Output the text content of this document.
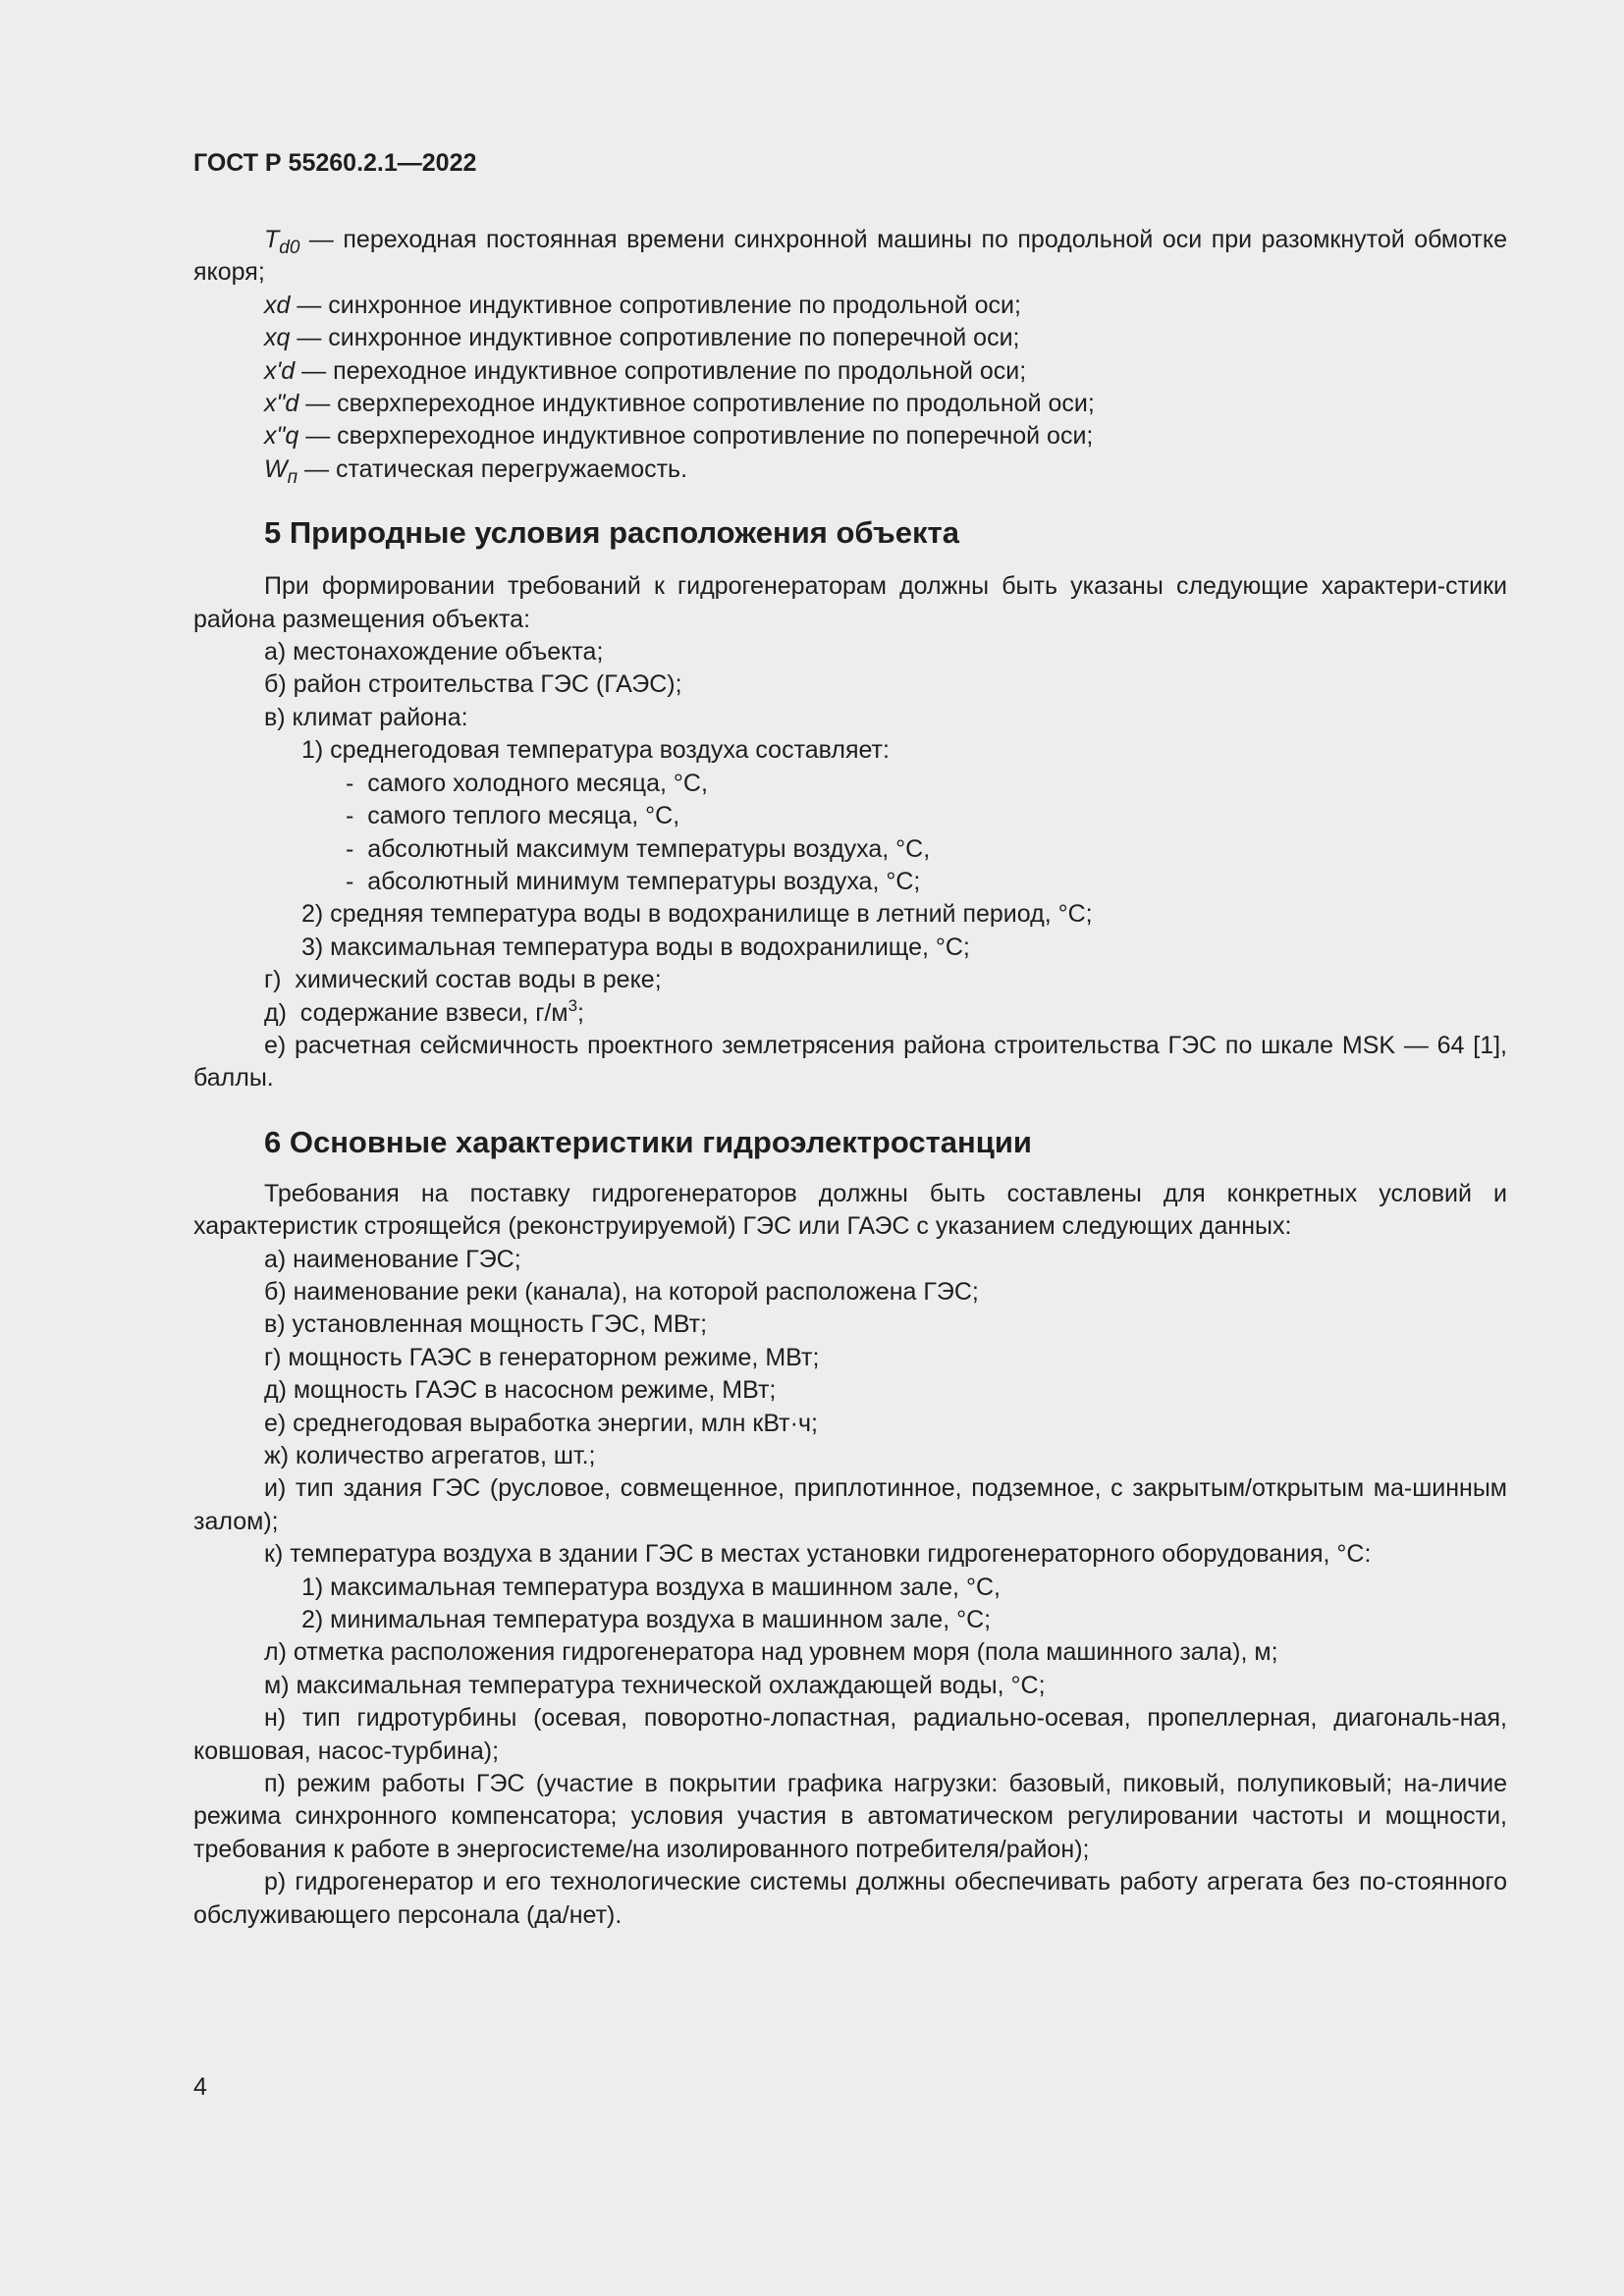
ГОСТ Р 55260.2.1—2022

$T_{d0}$ — переходная постоянная времени синхронной машины по продольной оси при разомкнутой обмотке якоря;

xd — синхронное индуктивное сопротивление по продольной оси;

xq — синхронное индуктивное сопротивление по поперечной оси;

x'd — переходное индуктивное сопротивление по продольной оси;

x"d — сверхпереходное индуктивное сопротивление по продольной оси;

x"q — сверхпереходное индуктивное сопротивление по поперечной оси;

$W_п$ — статическая перегружаемость.

5 Природные условия расположения объекта

При формировании требований к гидрогенераторам должны быть указаны следующие характери-стики района размещения объекта:

а) местонахождение объекта;

б) район строительства ГЭС (ГАЭС);

в) климат района:

1) среднегодовая температура воздуха составляет:

-  самого холодного месяца, °С,

-  самого теплого месяца, °С,

-  абсолютный максимум температуры воздуха, °С,

-  абсолютный минимум температуры воздуха, °С;

2) средняя температура воды в водохранилище в летний период, °С;

3) максимальная температура воды в водохранилище, °С;

г)  химический состав воды в реке;

д)  содержание взвеси, $г/м^3$;

е) расчетная сейсмичность проектного землетрясения района строительства ГЭС по шкале MSK — 64 [1], баллы.

6 Основные характеристики гидроэлектростанции

Требования на поставку гидрогенераторов должны быть составлены для конкретных условий и характеристик строящейся (реконструируемой) ГЭС или ГАЭС с указанием следующих данных:

а) наименование ГЭС;

б) наименование реки (канала), на которой расположена ГЭС;

в) установленная мощность ГЭС, МВт;

г) мощность ГАЭС в генераторном режиме, МВт;

д) мощность ГАЭС в насосном режиме, МВт;

е) среднегодовая выработка энергии, млн кВт·ч;

ж) количество агрегатов, шт.;

и) тип здания ГЭС (русловое, совмещенное, приплотинное, подземное, с закрытым/открытым ма-шинным залом);

к) температура воздуха в здании ГЭС в местах установки гидрогенераторного оборудования, °С:

1) максимальная температура воздуха в машинном зале, °С,

2) минимальная температура воздуха в машинном зале, °С;

л) отметка расположения гидрогенератора над уровнем моря (пола машинного зала), м;

м) максимальная температура технической охлаждающей воды, °С;

н) тип гидротурбины (осевая, поворотно-лопастная, радиально-осевая, пропеллерная, диагональ-ная, ковшовая, насос-турбина);

п) режим работы ГЭС (участие в покрытии графика нагрузки: базовый, пиковый, полупиковый; на-личие режима синхронного компенсатора; условия участия в автоматическом регулировании частоты и мощности, требования к работе в энергосистеме/на изолированного потребителя/район);

р) гидрогенератор и его технологические системы должны обеспечивать работу агрегата без по-стоянного обслуживающего персонала (да/нет).

4
